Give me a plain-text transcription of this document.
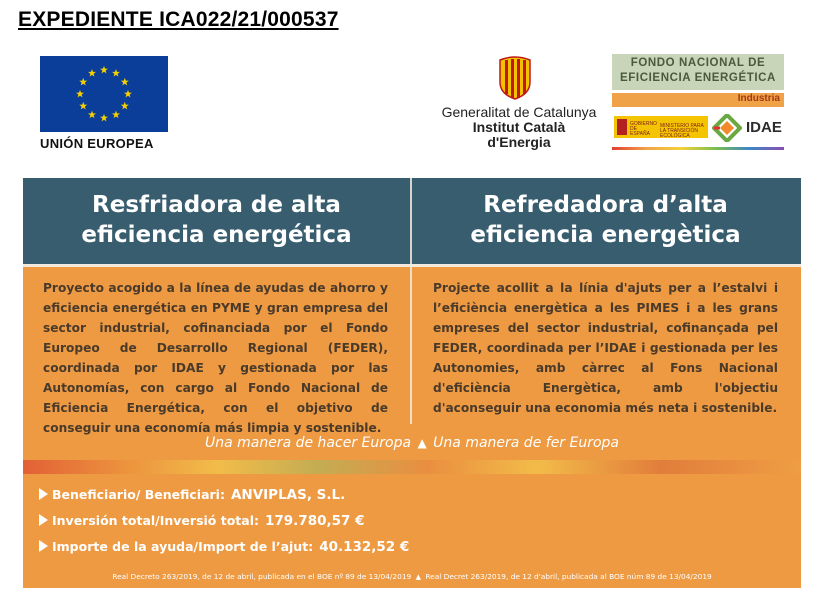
EXPEDIENTE ICA022/21/000537
UNIÓN EUROPEA
Generalitat de Catalunya
Institut Català
d'Energia
FONDO NACIONAL DE
EFICIENCIA ENERGÉTICA
Industria
GOBIERNO DE ESPAÑA
MINISTERIO PARA LA TRANSICIÓN ECOLÓGICA	IDAE
Resfriadora de alta
eficiencia energética
Refredadora d’alta
eficiencia energètica
Proyecto acogido a la línea de ayudas de ahorro y eficiencia energética en PYME y gran empresa del sector industrial, cofinanciada por el Fondo Europeo de Desarrollo Regional (FEDER), coordinada por IDAE y gestionada por las Autonomías, con cargo al Fondo Nacional de Eficiencia Energética, con el objetivo de conseguir una economía más limpia y sostenible.
Projecte acollit a la línia d'ajuts per a l’estalvi i l’eficiència energètica a les PIMES i a les grans empreses del sector industrial, cofinançada pel FEDER, coordinada per l’IDAE i gestionada per les Autonomies, amb càrrec al Fons Nacional d'eficiència Energètica, amb l'objectiu d'aconseguir una economia més neta i sostenible.
Una manera de hacer Europa ▲ Una manera de fer Europa
Beneficiario/ Beneficiari: ANVIPLAS, S.L.
Inversión total/Inversió total: 179.780,57 €
Importe de la ayuda/Import de l’ajut: 40.132,52 €
Real Decreto 263/2019, de 12 de abril, publicada en el BOE nº 89 de 13/04/2019 ▲ Real Decret 263/2019, de 12 d'abril, publicada al BOE núm 89 de 13/04/2019
